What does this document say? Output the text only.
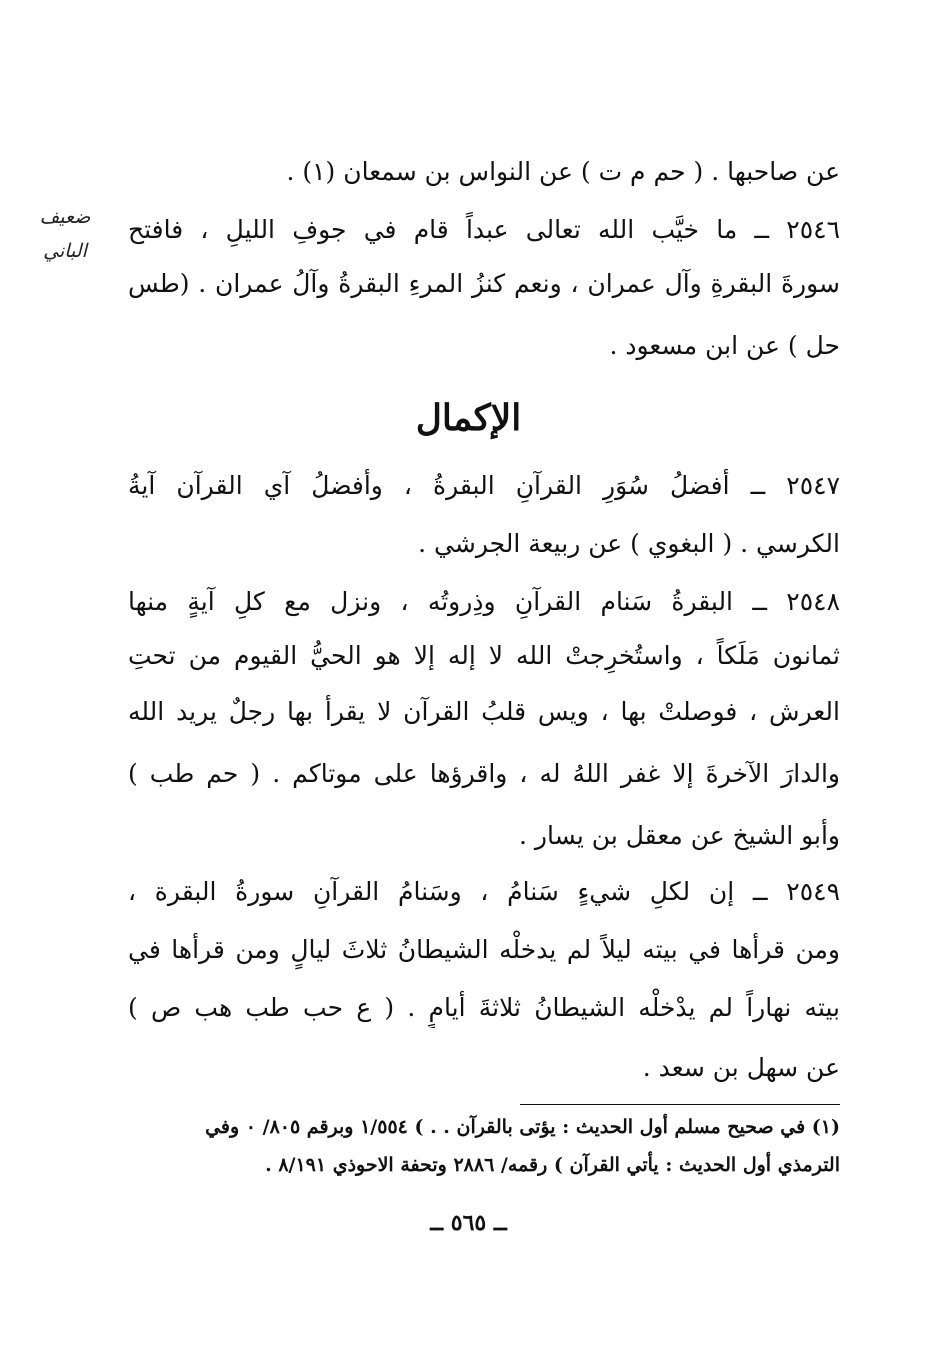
ضعيف
الباني
عن صاحبها . ( حم م ت ) عن النواس بن سمعان (١) .
٢٥٤٦ ــ ما خيَّب الله تعالى عبداً قام في جوفِ الليلِ ، فافتح
سورةَ البقرةِ وآل عمران ، ونعم كنزُ المرءِ البقرةُ وآلُ عمران . (طس
حل ) عن ابن مسعود .
الإكمال
٢٥٤٧ ــ أفضلُ سُوَرِ القرآنِ البقرةُ ، وأفضلُ آي القرآن آيةُ
الكرسي . ( البغوي ) عن ربيعة الجرشي .
٢٥٤٨ ــ البقرةُ سَنام القرآنِ وذِروتُه ، ونزل مع كلِ آيةٍ منها
ثمانون مَلَكاً ، واستُخرِجتْ الله لا إله إلا هو الحيُّ القيوم من تحتِ
العرش ، فوصلتْ بها ، ويس قلبُ القرآن لا يقرأ بها رجلٌ يريد الله
والدارَ الآخرةَ إلا غفر اللهُ له ، واقرؤها على موتاكم . ( حم طب )
وأبو الشيخ عن معقل بن يسار .
٢٥٤٩ ــ إن لكلِ شيءٍ سَنامُ ، وسَنامُ القرآنِ سورةُ البقرة ،
ومن قرأها في بيته ليلاً لم يدخلْه الشيطانُ ثلاثَ ليالٍ ومن قرأها في
بيته نهاراً لم يدْخلْه الشيطانُ ثلاثةَ أيامٍ . ( ع حب طب هب ص )
عن سهل بن سعد .
(١) في صحيح مسلم أول الحديث : يؤتى بالقرآن . . ) ١/٥٥٤ وبرقم ٨٠٥/ ٠ وفي
الترمذي أول الحديث : يأتي القرآن ) رقمه/ ٢٨٨٦ وتحفة الاحوذي ٨/١٩١ .
ــ ٥٦٥ ــ
